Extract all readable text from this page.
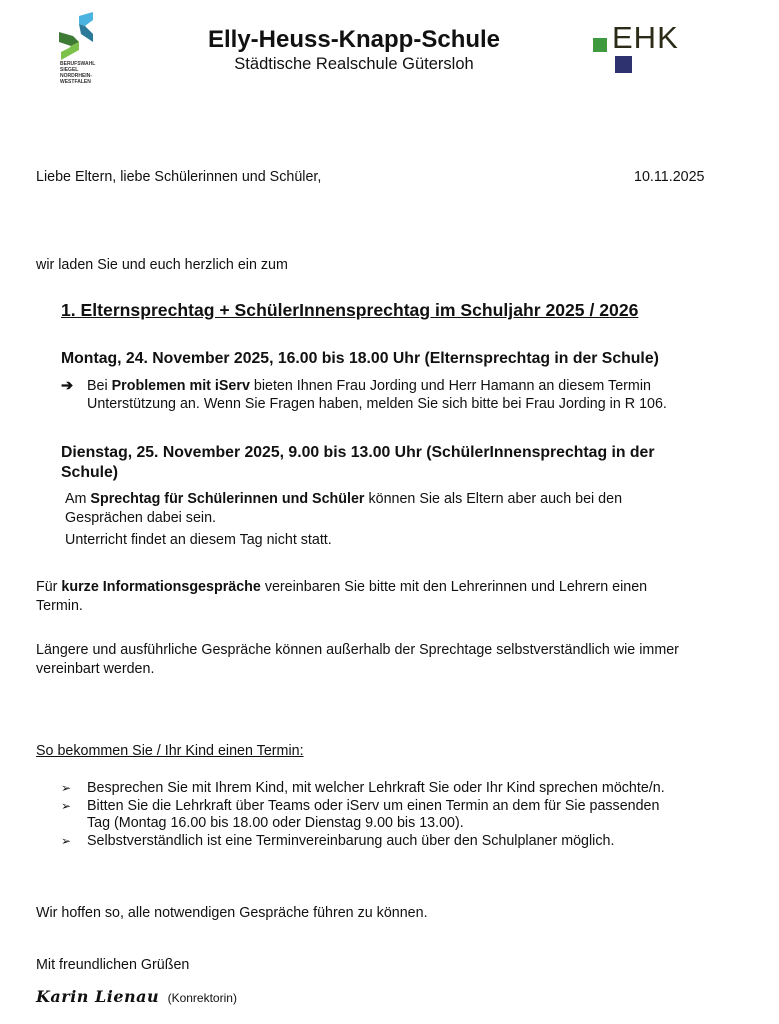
BERUFSWAHL
SIEGEL
NORDRHEIN-
WESTFALEN
Elly-Heuss-Knapp-Schule
Städtische Realschule Gütersloh
EHK
Liebe Eltern, liebe Schülerinnen und Schüler,	10.11.2025
wir laden Sie und euch herzlich ein zum
1. Elternsprechtag + SchülerInnensprechtag im Schuljahr 2025 / 2026
Montag, 24. November 2025, 16.00 bis 18.00 Uhr (Elternsprechtag in der Schule)
➔ Bei Problemen mit iServ bieten Ihnen Frau Jording und Herr Hamann an diesem Termin
Unterstützung an. Wenn Sie Fragen haben, melden Sie sich bitte bei Frau Jording in R 106.
Dienstag, 25. November 2025, 9.00 bis 13.00 Uhr (SchülerInnensprechtag in der
Schule)
Am Sprechtag für Schülerinnen und Schüler können Sie als Eltern aber auch bei den
Gesprächen dabei sein.
Unterricht findet an diesem Tag nicht statt.
Für kurze Informationsgespräche vereinbaren Sie bitte mit den Lehrerinnen und Lehrern einen
Termin.
Längere und ausführliche Gespräche können außerhalb der Sprechtage selbstverständlich wie immer
vereinbart werden.
So bekommen Sie / Ihr Kind einen Termin:
➢ Besprechen Sie mit Ihrem Kind, mit welcher Lehrkraft Sie oder Ihr Kind sprechen möchte/n.
➢ Bitten Sie die Lehrkraft über Teams oder iServ um einen Termin an dem für Sie passenden
Tag (Montag 16.00 bis 18.00 oder Dienstag 9.00 bis 13.00).
➢ Selbstverständlich ist eine Terminvereinbarung auch über den Schulplaner möglich.
Wir hoffen so, alle notwendigen Gespräche führen zu können.
Mit freundlichen Grüßen
Karin Lienau (Konrektorin)
